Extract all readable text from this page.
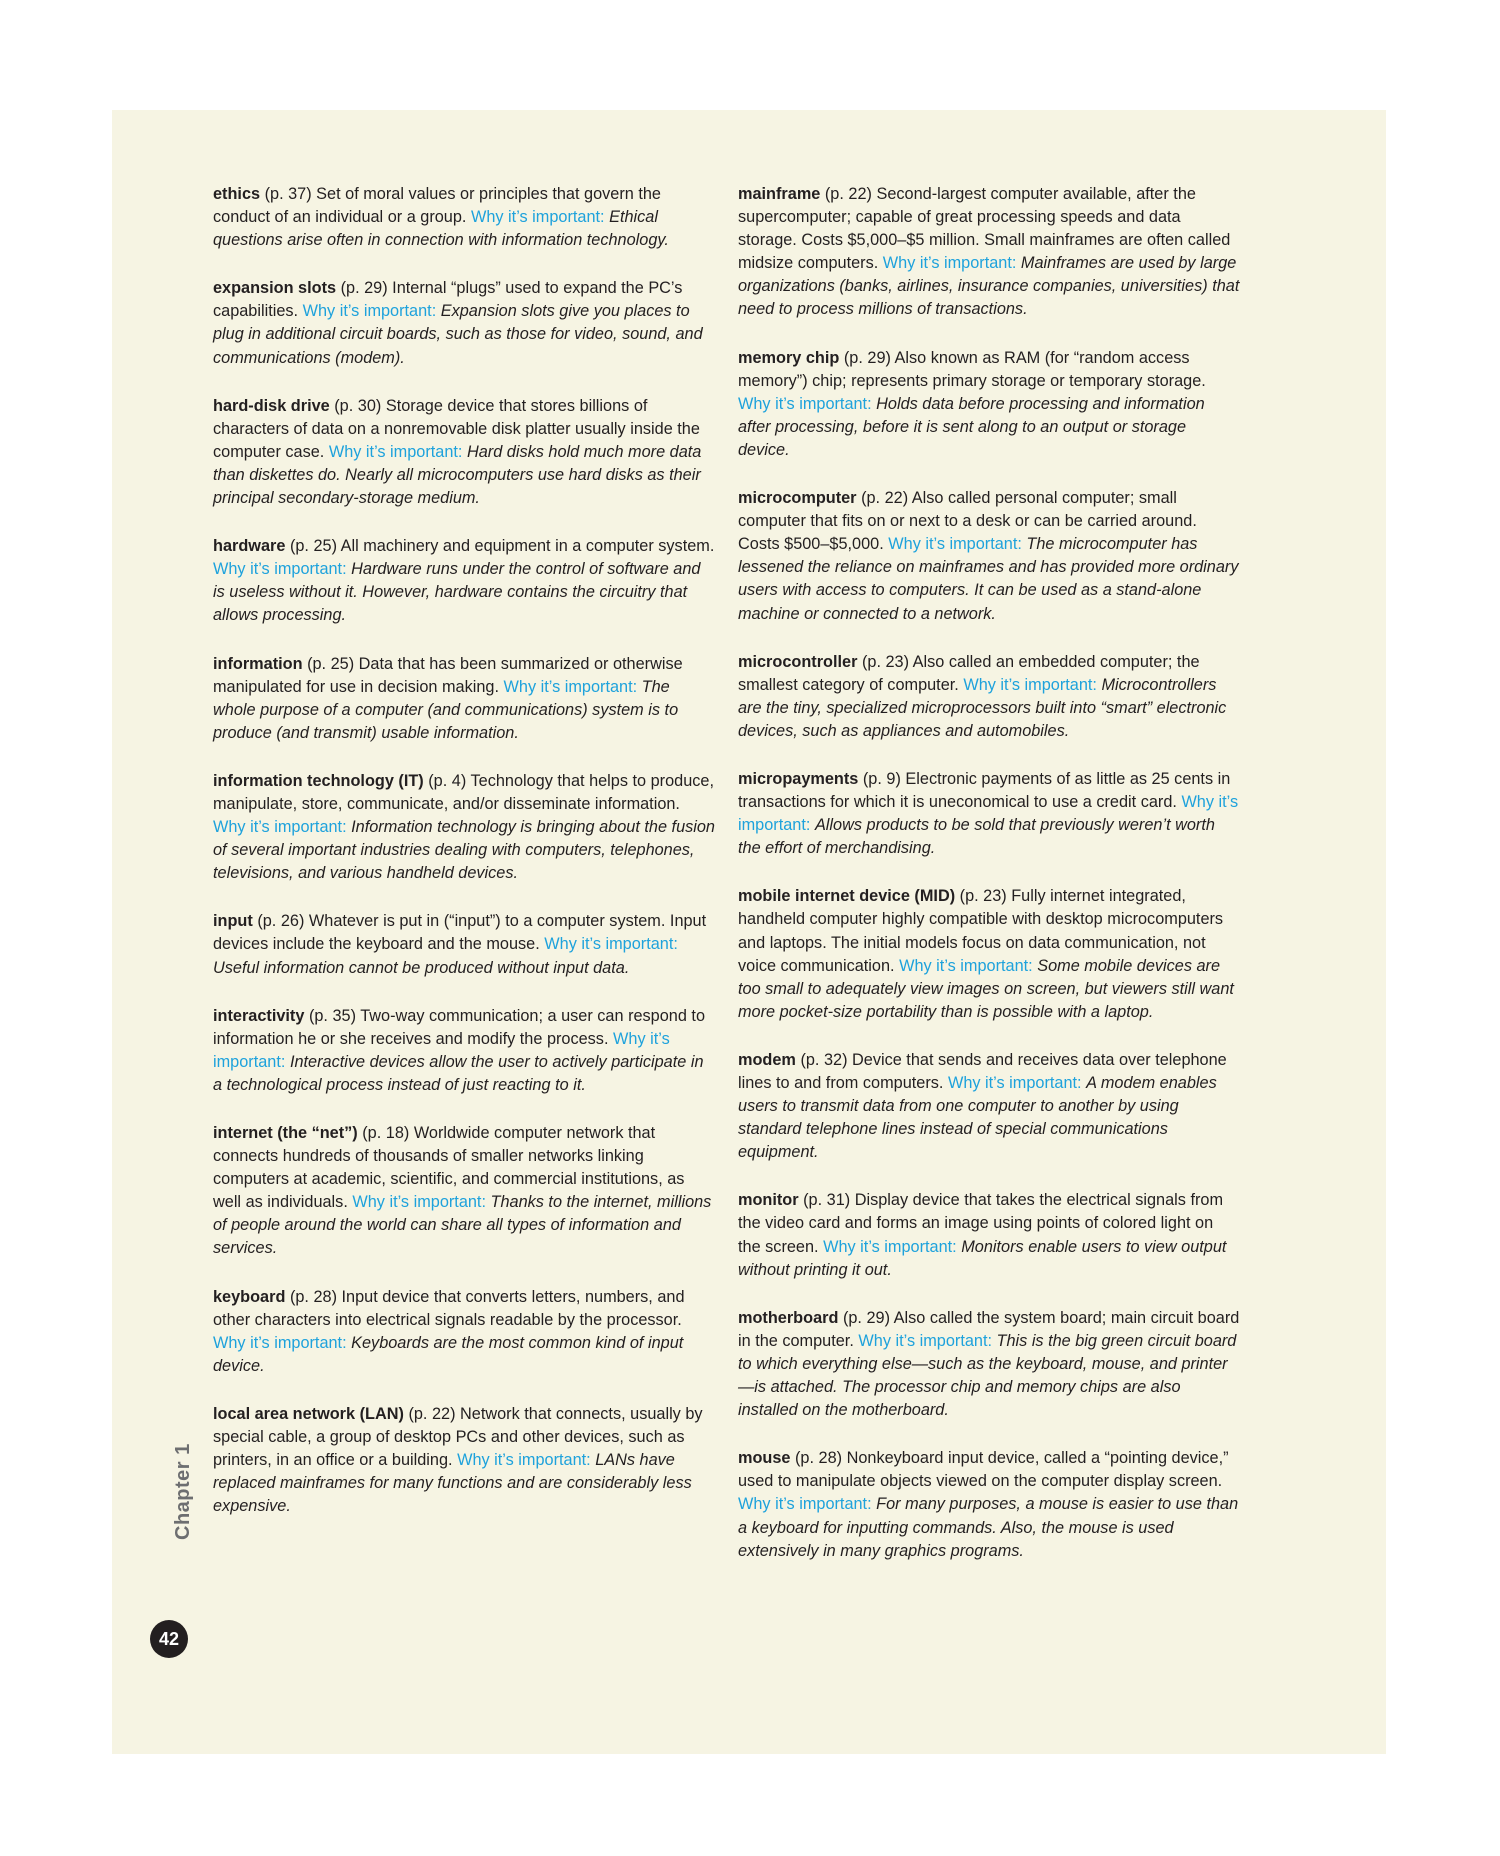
ethics (p. 37) Set of moral values or principles that govern the conduct of an individual or a group. Why it’s important: Ethical questions arise often in connection with information technology.

expansion slots (p. 29) Internal “plugs” used to expand the PC’s capabilities. Why it’s important: Expansion slots give you places to plug in additional circuit boards, such as those for video, sound, and communications (modem).

hard-disk drive (p. 30) Storage device that stores billions of characters of data on a nonremovable disk platter usually inside the computer case. Why it’s important: Hard disks hold much more data than diskettes do. Nearly all microcomputers use hard disks as their principal secondary-storage medium.

hardware (p. 25) All machinery and equipment in a computer system. Why it’s important: Hardware runs under the control of software and is useless without it. However, hardware contains the circuitry that allows processing.

information (p. 25) Data that has been summarized or otherwise manipulated for use in decision making. Why it’s important: The whole purpose of a computer (and communications) system is to produce (and transmit) usable information.

information technology (IT) (p. 4) Technology that helps to produce, manipulate, store, communicate, and/or disseminate information. Why it’s important: Information technology is bringing about the fusion of several important industries dealing with computers, telephones, televisions, and various handheld devices.

input (p. 26) Whatever is put in (“input”) to a computer system. Input devices include the keyboard and the mouse. Why it’s important: Useful information cannot be produced without input data.

interactivity (p. 35) Two-way communication; a user can respond to information he or she receives and modify the process. Why it’s important: Interactive devices allow the user to actively participate in a technological process instead of just reacting to it.

internet (the “net”) (p. 18) Worldwide computer network that connects hundreds of thousands of smaller networks linking computers at academic, scientific, and commercial institutions, as well as individuals. Why it’s important: Thanks to the internet, millions of people around the world can share all types of information and services.

keyboard (p. 28) Input device that converts letters, numbers, and other characters into electrical signals readable by the processor. Why it’s important: Keyboards are the most common kind of input device.

local area network (LAN) (p. 22) Network that connects, usually by special cable, a group of desktop PCs and other devices, such as printers, in an office or a building. Why it’s important: LANs have replaced mainframes for many functions and are considerably less expensive.

mainframe (p. 22) Second-largest computer available, after the supercomputer; capable of great processing speeds and data storage. Costs $5,000–$5 million. Small mainframes are often called midsize computers. Why it’s important: Mainframes are used by large organizations (banks, airlines, insurance companies, universities) that need to process millions of transactions.

memory chip (p. 29) Also known as RAM (for “random access memory”) chip; represents primary storage or temporary storage. Why it’s important: Holds data before processing and information after processing, before it is sent along to an output or storage device.

microcomputer (p. 22) Also called personal computer; small computer that fits on or next to a desk or can be carried around. Costs $500–$5,000. Why it’s important: The microcomputer has lessened the reliance on mainframes and has provided more ordinary users with access to computers. It can be used as a stand-alone machine or connected to a network.

microcontroller (p. 23) Also called an embedded computer; the smallest category of computer. Why it’s important: Microcontrollers are the tiny, specialized microprocessors built into “smart” electronic devices, such as appliances and automobiles.

micropayments (p. 9) Electronic payments of as little as 25 cents in transactions for which it is uneconomical to use a credit card. Why it’s important: Allows products to be sold that previously weren’t worth the effort of merchandising.

mobile internet device (MID) (p. 23) Fully internet integrated, handheld computer highly compatible with desktop microcomputers and laptops. The initial models focus on data communication, not voice communication. Why it’s important: Some mobile devices are too small to adequately view images on screen, but viewers still want more pocket-size portability than is possible with a laptop.

modem (p. 32) Device that sends and receives data over telephone lines to and from computers. Why it’s important: A modem enables users to transmit data from one computer to another by using standard telephone lines instead of special communications equipment.

monitor (p. 31) Display device that takes the electrical signals from the video card and forms an image using points of colored light on the screen. Why it’s important: Monitors enable users to view output without printing it out.

motherboard (p. 29) Also called the system board; main circuit board in the computer. Why it’s important: This is the big green circuit board to which everything else—such as the keyboard, mouse, and printer—is attached. The processor chip and memory chips are also installed on the motherboard.

mouse (p. 28) Nonkeyboard input device, called a “pointing device,” used to manipulate objects viewed on the computer display screen. Why it’s important: For many purposes, a mouse is easier to use than a keyboard for inputting commands. Also, the mouse is used extensively in many graphics programs.

Chapter 1
42
